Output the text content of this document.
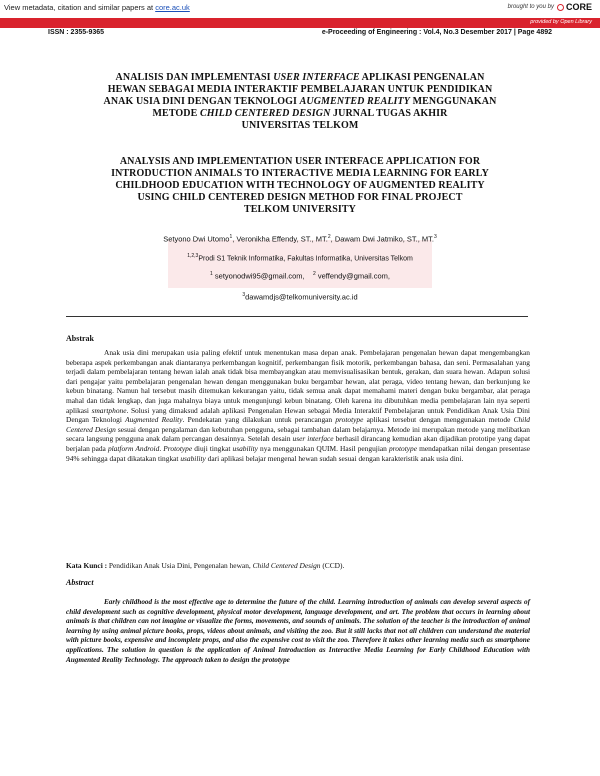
View metadata, citation and similar papers at core.ac.uk	brought to you by CORE
provided by Open Library
ISSN : 2355-9365	e-Proceeding of Engineering : Vol.4, No.3 Desember 2017 | Page 4892
ANALISIS DAN IMPLEMENTASI USER INTERFACE APLIKASI PENGENALAN
HEWAN SEBAGAI MEDIA INTERAKTIF PEMBELAJARAN UNTUK PENDIDIKAN
ANAK USIA DINI DENGAN TEKNOLOGI AUGMENTED REALITY MENGGUNAKAN
METODE CHILD CENTERED DESIGN JURNAL TUGAS AKHIR
UNIVERSITAS TELKOM
ANALYSIS AND IMPLEMENTATION USER INTERFACE APPLICATION FOR
INTRODUCTION ANIMALS TO INTERACTIVE MEDIA LEARNING FOR EARLY
CHILDHOOD EDUCATION WITH TECHNOLOGY OF AUGMENTED REALITY
USING CHILD CENTERED DESIGN METHOD FOR FINAL PROJECT
TELKOM UNIVERSITY
Setyono Dwi Utomo$^1$, Veronikha Effendy, ST., MT.$^2$, Dawam Dwi Jatmiko, ST., MT.$^3$
$^{1,2,3}$Prodi S1 Teknik Informatika, Fakultas Informatika, Universitas Telkom
$^1$ setyonodwi95@gmail.com, $^2$ veffendy@gmail.com,
$^3$dawamdjs@telkomuniversity.ac.id
Abstrak
Anak usia dini merupakan usia paling efektif untuk menentukan masa depan anak. Pembelajaran pengenalan hewan dapat mengembangkan beberapa aspek perkembangan anak diantaranya perkembangan kognitif, perkembangan fisik motorik, perkembangan bahasa, dan seni. Permasalahan yang terjadi dalam pembelajaran tentang hewan ialah anak tidak bisa membayangkan atau memvisualisasikan bentuk, gerakan, dan suara hewan. Adapun solusi dari pengajar yaitu pembelajaran pengenalan hewan dengan menggunakan buku bergambar hewan, alat peraga, video tentang hewan, dan berkunjung ke kebun binatang. Namun hal tersebut masih ditemukan kekurangan yaitu, tidak semua anak dapat memahami materi dengan buku bergambar, alat peraga mahal dan tidak lengkap, dan juga mahalnya biaya untuk mengunjungi kebun binatang. Oleh karena itu dibutuhkan media pembelajaran lain nya seperti aplikasi smartphone. Solusi yang dimaksud adalah aplikasi Pengenalan Hewan sebagai Media Interaktif Pembelajaran untuk Pendidikan Anak Usia Dini Dengan Teknologi Augmented Reality. Pendekatan yang dilakukan untuk perancangan prototype aplikasi tersebut dengan menggunakan metode Child Centered Design sesuai dengan pengalaman dan kebutuhan pengguna, sebagai tambahan dalam belajarnya. Metode ini merupakan metode yang melibatkan secara langsung pengguna anak dalam percangan desainnya. Setelah desain user interface berhasil dirancang kemudian akan dijadikan prototipe yang dapat berjalan pada platform Android. Prototype diuji tingkat usability nya menggunakan QUIM. Hasil pengujian prototype mendapatkan nilai dengan presentase 94% sehingga dapat dikatakan tingkat usability dari aplikasi belajar mengenal hewan sudah sesuai dengan karakteristik anak usia dini.
Kata Kunci : Pendidikan Anak Usia Dini, Pengenalan hewan, Child Centered Design (CCD).
Abstract
Early childhood is the most effective age to determine the future of the child. Learning introduction of animals can develop several aspects of child development such as cognitive development, physical motor development, language development, and art. The problem that occurs in learning about animals is that children can not imagine or visualize the forms, movements, and sounds of animals. The solution of the teacher is the introduction of animal learning by using animal picture books, props, videos about animals, and visiting the zoo. But it still lacks that not all children can understand the material with picture books, expensive and incomplete props, and also the expensive cost to visit the zoo. Therefore it takes other learning media such as smartphone applications. The solution in question is the application of Animal Introduction as Interactive Media Learning for Early Childhood Education with Augmented Reality Technology. The approach taken to design the prototype
